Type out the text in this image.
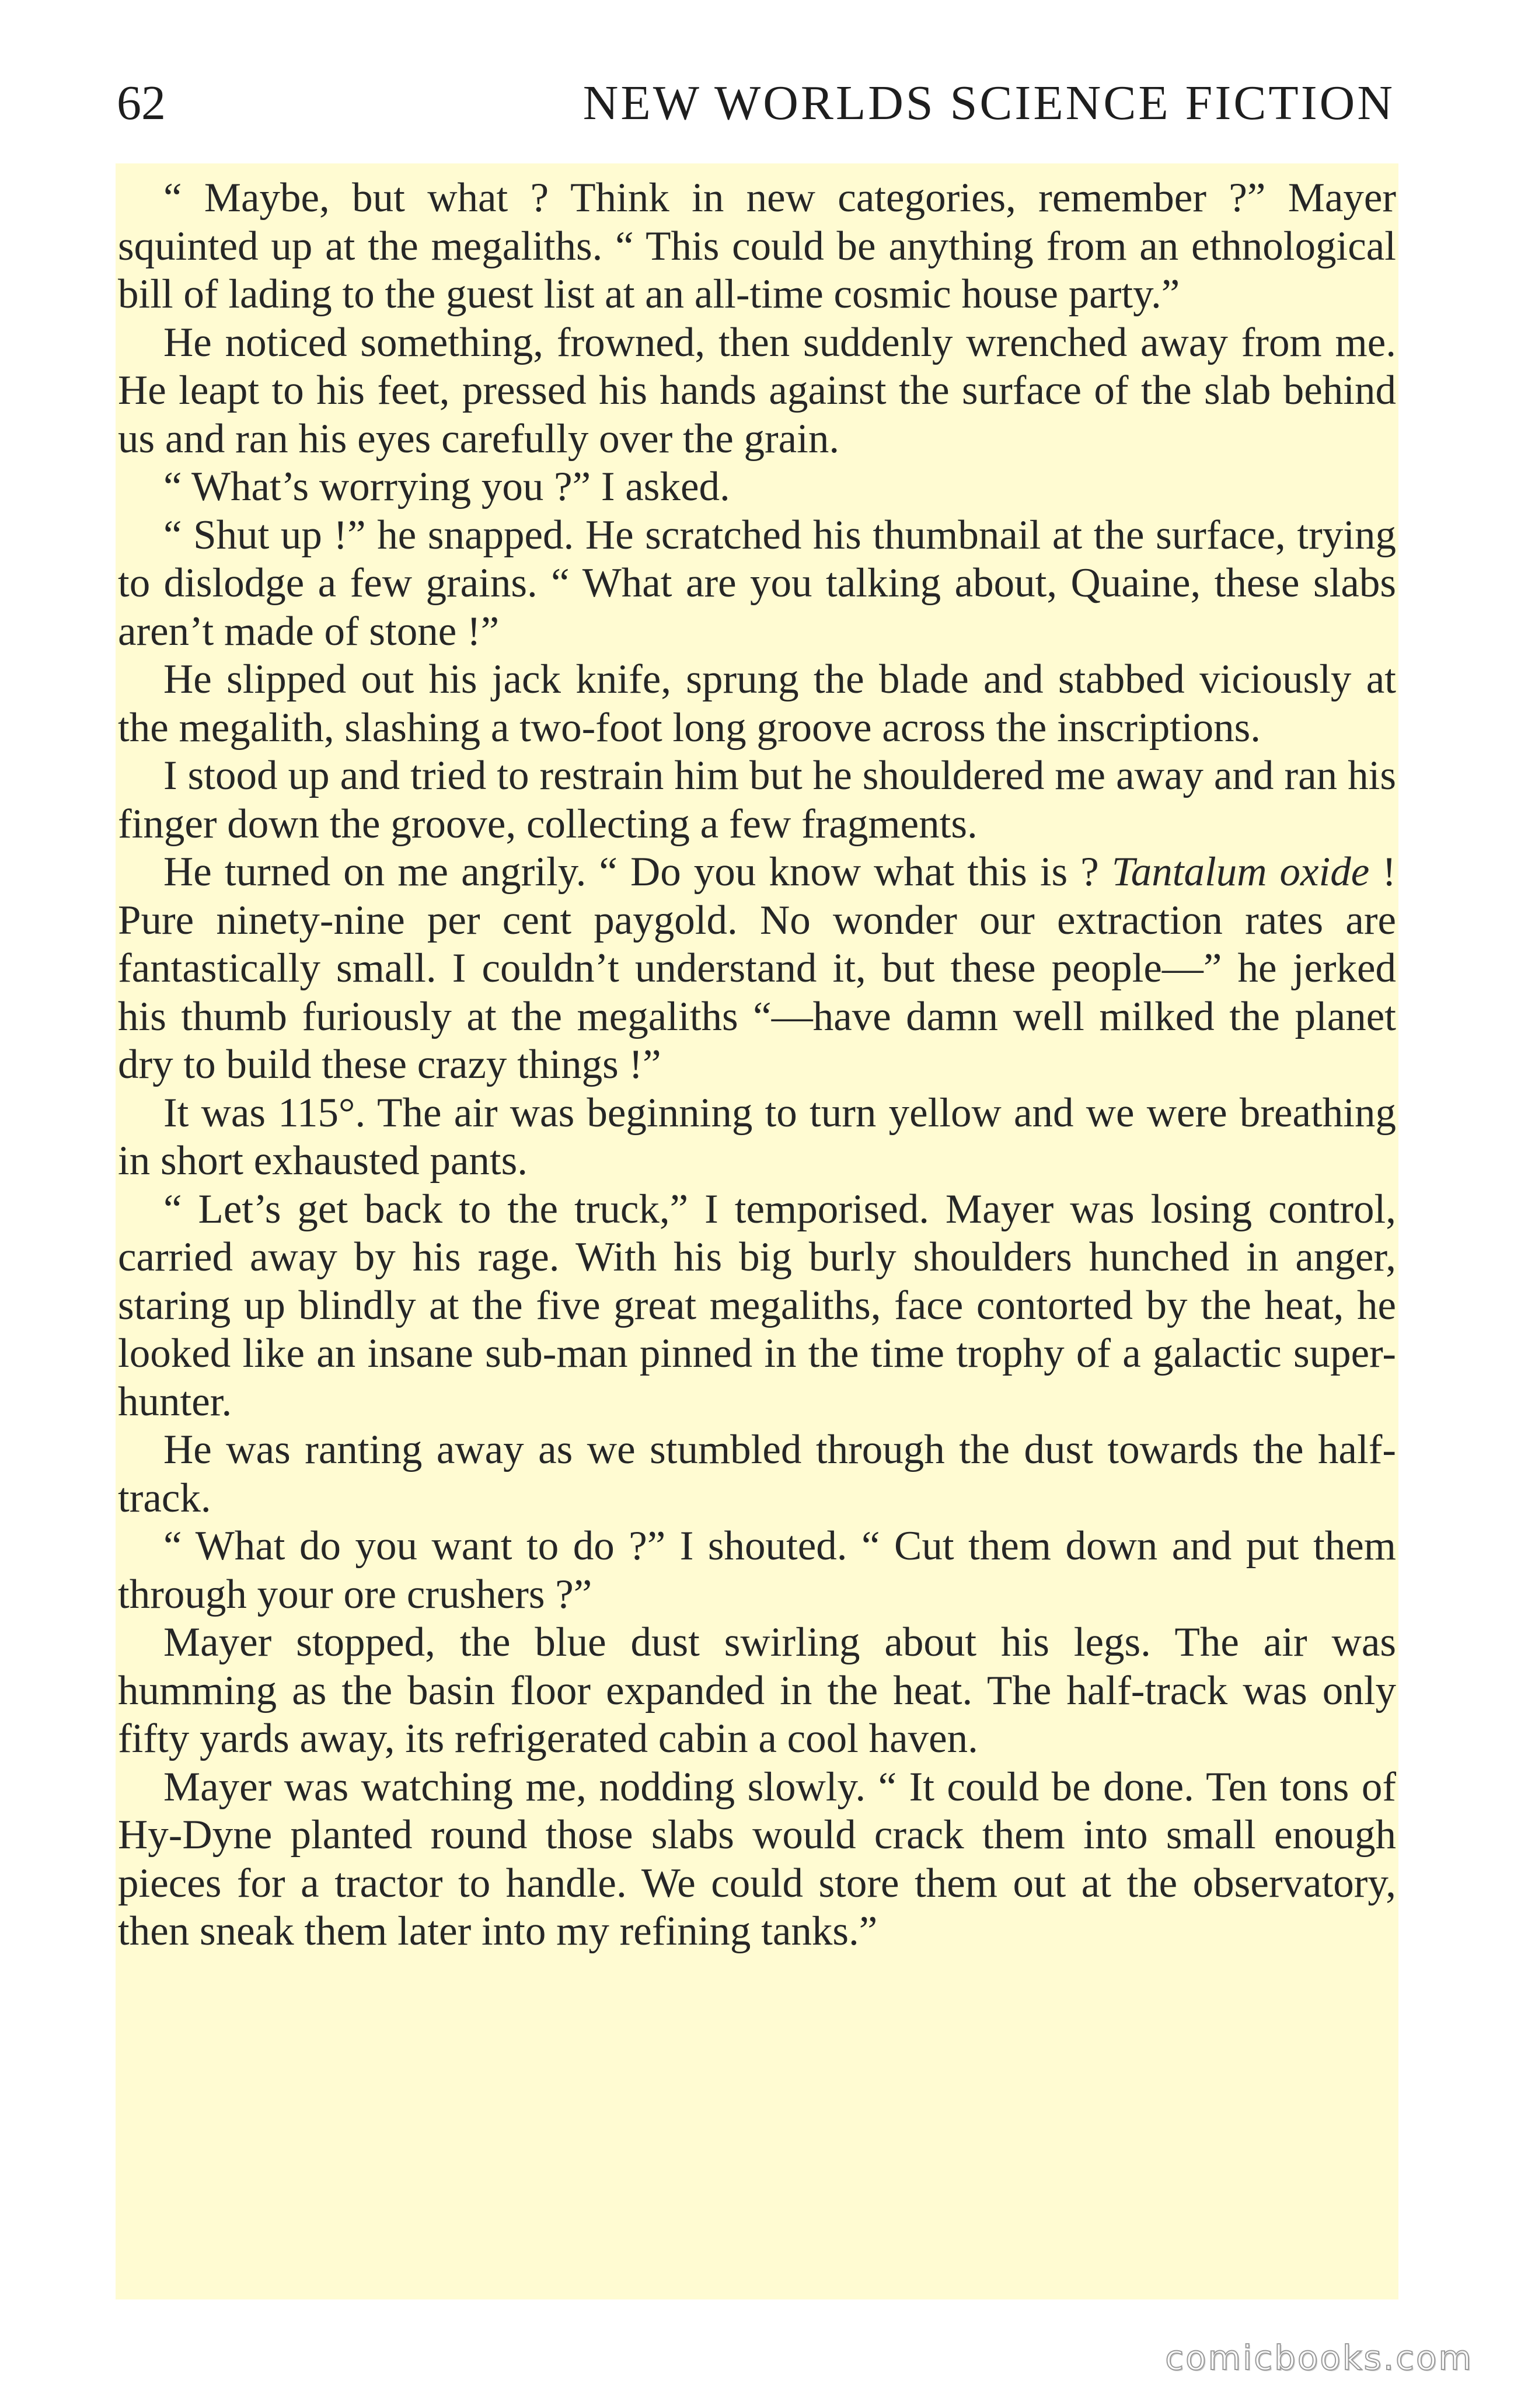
62	NEW WORLDS SCIENCE FICTION

“ Maybe, but what ? Think in new categories, remember ?” Mayer squinted up at the megaliths. “ This could be anything from an ethnological bill of lading to the guest list at an all-time cosmic house party.”

He noticed something, frowned, then suddenly wrenched away from me. He leapt to his feet, pressed his hands against the surface of the slab behind us and ran his eyes carefully over the grain.

“ What’s worrying you ?” I asked.

“ Shut up !” he snapped. He scratched his thumbnail at the surface, trying to dislodge a few grains. “ What are you talking about, Quaine, these slabs aren’t made of stone !”

He slipped out his jack knife, sprung the blade and stabbed viciously at the megalith, slashing a two-foot long groove across the inscriptions.

I stood up and tried to restrain him but he shouldered me away and ran his finger down the groove, collecting a few fragments.

He turned on me angrily. “ Do you know what this is ? Tantalum oxide ! Pure ninety-nine per cent paygold. No wonder our extraction rates are fantastically small. I couldn’t understand it, but these people—” he jerked his thumb furiously at the megaliths “—have damn well milked the planet dry to build these crazy things !”

It was 115°. The air was beginning to turn yellow and we were breathing in short exhausted pants.

“ Let’s get back to the truck,” I temporised. Mayer was losing control, carried away by his rage. With his big burly shoulders hunched in anger, staring up blindly at the five great megaliths, face contorted by the heat, he looked like an insane sub-man pinned in the time trophy of a galactic super-hunter.

He was ranting away as we stumbled through the dust towards the half-track.

“ What do you want to do ?” I shouted. “ Cut them down and put them through your ore crushers ?”

Mayer stopped, the blue dust swirling about his legs. The air was humming as the basin floor expanded in the heat. The half-track was only fifty yards away, its refrigerated cabin a cool haven.

Mayer was watching me, nodding slowly. “ It could be done. Ten tons of Hy-Dyne planted round those slabs would crack them into small enough pieces for a tractor to handle. We could store them out at the observatory, then sneak them later into my refining tanks.”

comicbooks.com
